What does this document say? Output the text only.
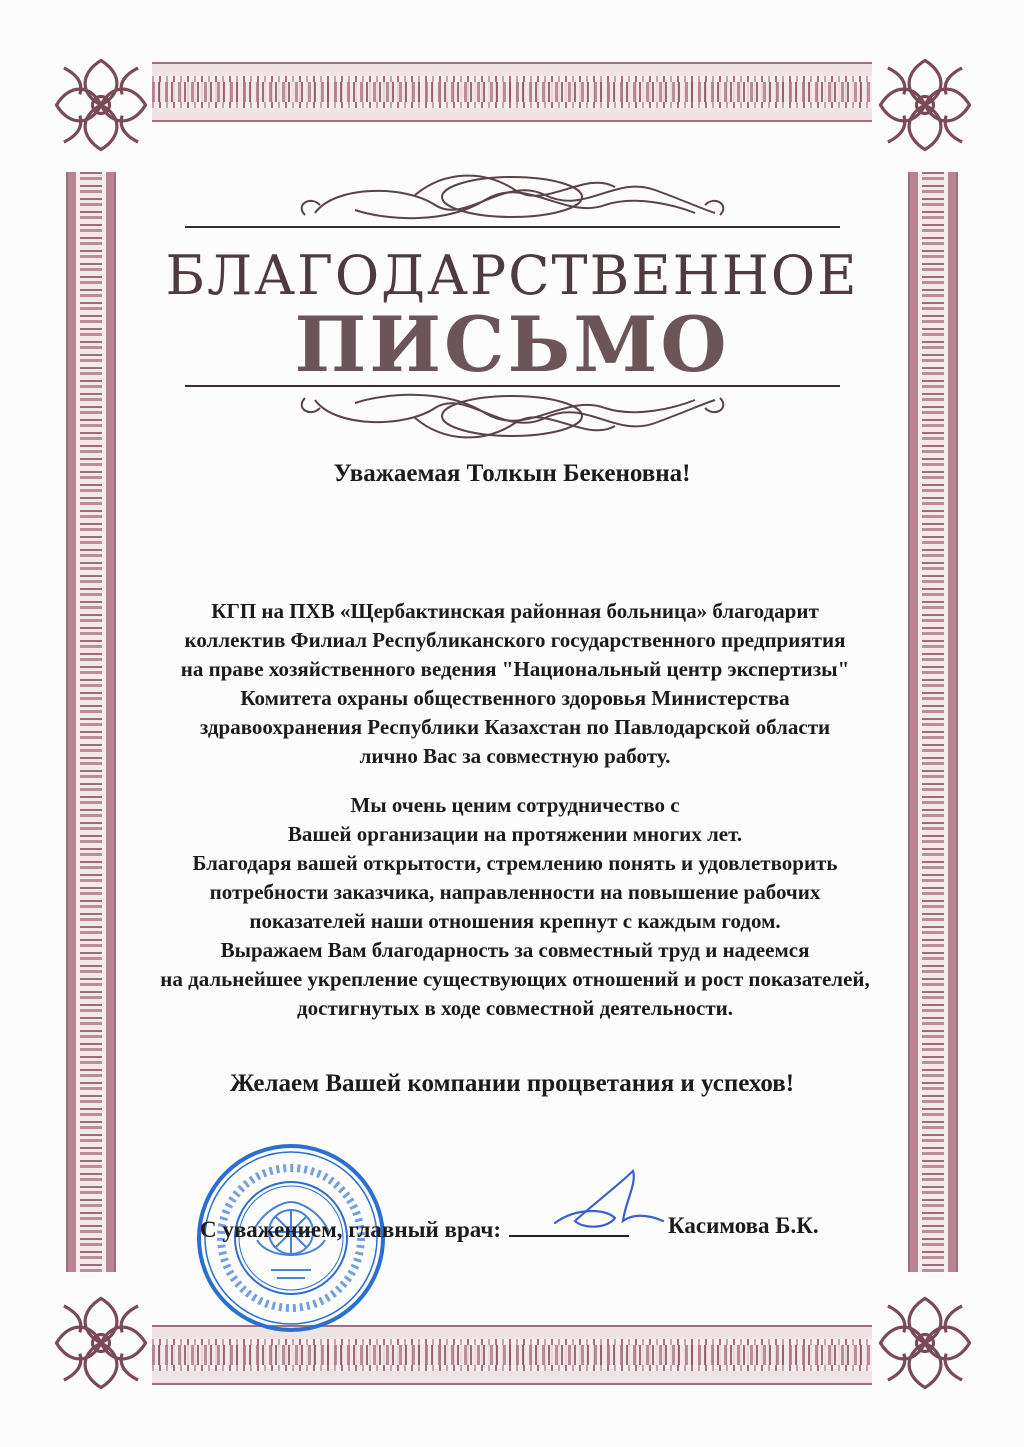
БЛАГОДАРСТВЕННОЕ
ПИСЬМО
Уважаемая Толкын Бекеновна!
КГП на ПХВ «Щербактинская районная больница» благодарит
коллектив Филиал Республиканского государственного предприятия
на праве хозяйственного ведения "Национальный центр экспертизы"
Комитета охраны общественного здоровья Министерства
здравоохранения Республики Казахстан по Павлодарской области
лично Вас за совместную работу.
Мы очень ценим сотрудничество с
Вашей организации на протяжении многих лет.
Благодаря вашей открытости, стремлению понять и удовлетворить
потребности заказчика, направленности на повышение рабочих
показателей наши отношения крепнут с каждым годом.
Выражаем Вам благодарность за совместный труд и надеемся
на дальнейшее укрепление существующих отношений и рост показателей,
достигнутых в ходе совместной деятельности.
Желаем Вашей компании процветания и успехов!
С уважением, главный врач:	Касимова Б.К.
